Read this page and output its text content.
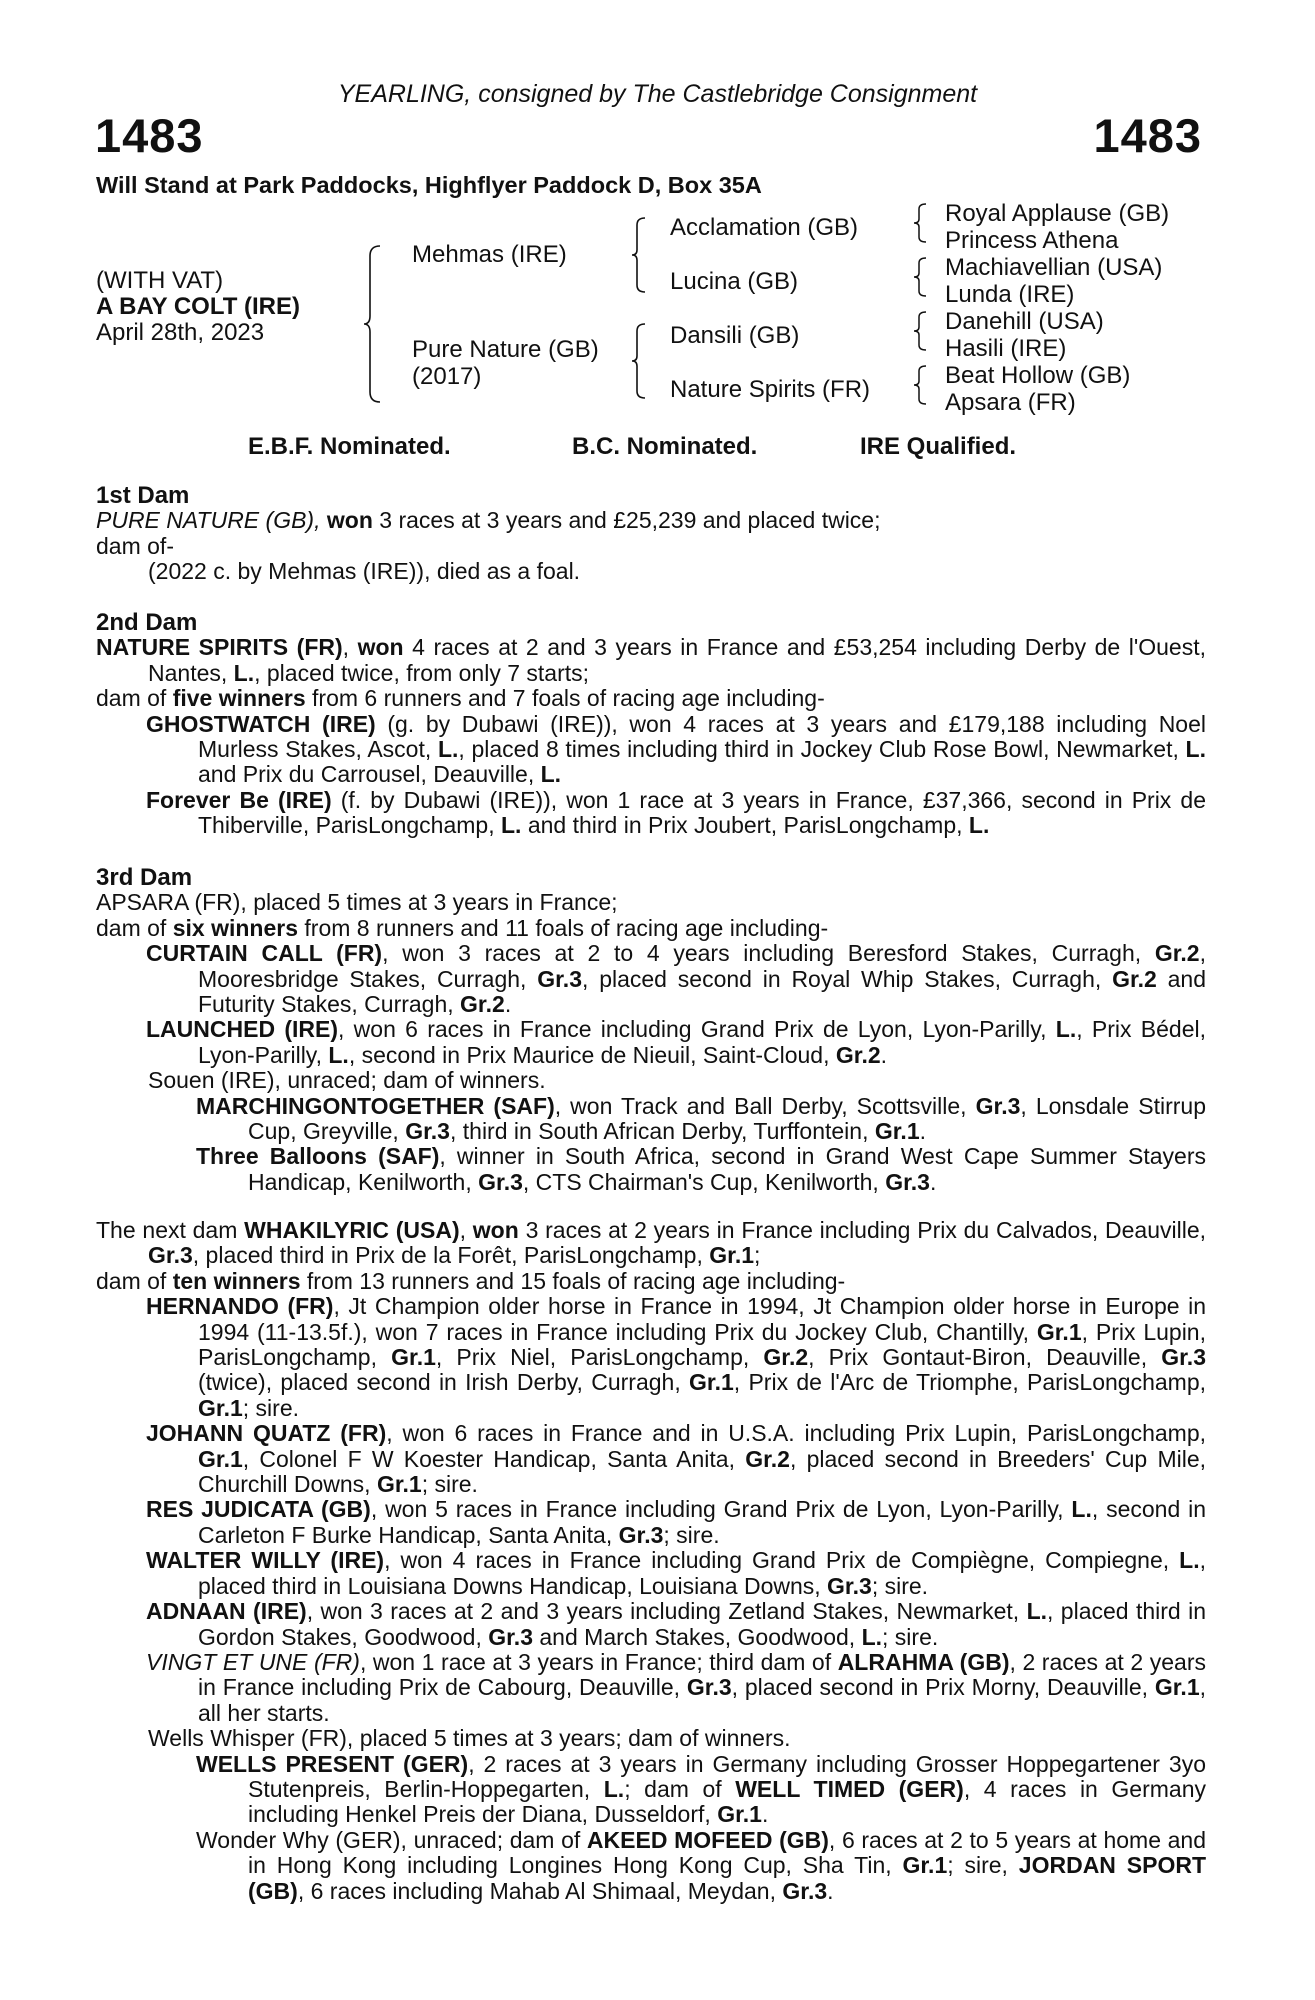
YEARLING, consigned by The Castlebridge Consignment
1483	1483
Will Stand at Park Paddocks, Highflyer Paddock D, Box 35A
(WITH VAT)
A BAY COLT (IRE)
April 28th, 2023
Mehmas (IRE)
Pure Nature (GB)
(2017)
Acclamation (GB)
Lucina (GB)
Dansili (GB)
Nature Spirits (FR)
Royal Applause (GB)
Princess Athena
Machiavellian (USA)
Lunda (IRE)
Danehill (USA)
Hasili (IRE)
Beat Hollow (GB)
Apsara (FR)
E.B.F. Nominated.	B.C. Nominated.	IRE Qualified.
1st Dam
PURE NATURE (GB), won 3 races at 3 years and £25,239 and placed twice;
dam of-
(2022 c. by Mehmas (IRE)), died as a foal.
2nd Dam
NATURE SPIRITS (FR), won 4 races at 2 and 3 years in France and £53,254 including Derby de l'Ouest, Nantes, L., placed twice, from only 7 starts;
dam of five winners from 6 runners and 7 foals of racing age including-
GHOSTWATCH (IRE) (g. by Dubawi (IRE)), won 4 races at 3 years and £179,188 including Noel Murless Stakes, Ascot, L., placed 8 times including third in Jockey Club Rose Bowl, Newmarket, L. and Prix du Carrousel, Deauville, L.
Forever Be (IRE) (f. by Dubawi (IRE)), won 1 race at 3 years in France, £37,366, second in Prix de Thiberville, ParisLongchamp, L. and third in Prix Joubert, ParisLongchamp, L.
3rd Dam
APSARA (FR), placed 5 times at 3 years in France;
dam of six winners from 8 runners and 11 foals of racing age including-
CURTAIN CALL (FR), won 3 races at 2 to 4 years including Beresford Stakes, Curragh, Gr.2, Mooresbridge Stakes, Curragh, Gr.3, placed second in Royal Whip Stakes, Curragh, Gr.2 and Futurity Stakes, Curragh, Gr.2.
LAUNCHED (IRE), won 6 races in France including Grand Prix de Lyon, Lyon-Parilly, L., Prix Bédel, Lyon-Parilly, L., second in Prix Maurice de Nieuil, Saint-Cloud, Gr.2.
Souen (IRE), unraced; dam of winners.
MARCHINGONTOGETHER (SAF), won Track and Ball Derby, Scottsville, Gr.3, Lonsdale Stirrup Cup, Greyville, Gr.3, third in South African Derby, Turffontein, Gr.1.
Three Balloons (SAF), winner in South Africa, second in Grand West Cape Summer Stayers Handicap, Kenilworth, Gr.3, CTS Chairman's Cup, Kenilworth, Gr.3.
The next dam WHAKILYRIC (USA), won 3 races at 2 years in France including Prix du Calvados, Deauville, Gr.3, placed third in Prix de la Forêt, ParisLongchamp, Gr.1;
dam of ten winners from 13 runners and 15 foals of racing age including-
HERNANDO (FR), Jt Champion older horse in France in 1994, Jt Champion older horse in Europe in 1994 (11-13.5f.), won 7 races in France including Prix du Jockey Club, Chantilly, Gr.1, Prix Lupin, ParisLongchamp, Gr.1, Prix Niel, ParisLongchamp, Gr.2, Prix Gontaut-Biron, Deauville, Gr.3 (twice), placed second in Irish Derby, Curragh, Gr.1, Prix de l'Arc de Triomphe, ParisLongchamp, Gr.1; sire.
JOHANN QUATZ (FR), won 6 races in France and in U.S.A. including Prix Lupin, ParisLongchamp, Gr.1, Colonel F W Koester Handicap, Santa Anita, Gr.2, placed second in Breeders' Cup Mile, Churchill Downs, Gr.1; sire.
RES JUDICATA (GB), won 5 races in France including Grand Prix de Lyon, Lyon-Parilly, L., second in Carleton F Burke Handicap, Santa Anita, Gr.3; sire.
WALTER WILLY (IRE), won 4 races in France including Grand Prix de Compiègne, Compiegne, L., placed third in Louisiana Downs Handicap, Louisiana Downs, Gr.3; sire.
ADNAAN (IRE), won 3 races at 2 and 3 years including Zetland Stakes, Newmarket, L., placed third in Gordon Stakes, Goodwood, Gr.3 and March Stakes, Goodwood, L.; sire.
VINGT ET UNE (FR), won 1 race at 3 years in France; third dam of ALRAHMA (GB), 2 races at 2 years in France including Prix de Cabourg, Deauville, Gr.3, placed second in Prix Morny, Deauville, Gr.1, all her starts.
Wells Whisper (FR), placed 5 times at 3 years; dam of winners.
WELLS PRESENT (GER), 2 races at 3 years in Germany including Grosser Hoppegartener 3yo Stutenpreis, Berlin-Hoppegarten, L.; dam of WELL TIMED (GER), 4 races in Germany including Henkel Preis der Diana, Dusseldorf, Gr.1.
Wonder Why (GER), unraced; dam of AKEED MOFEED (GB), 6 races at 2 to 5 years at home and in Hong Kong including Longines Hong Kong Cup, Sha Tin, Gr.1; sire, JORDAN SPORT (GB), 6 races including Mahab Al Shimaal, Meydan, Gr.3.
